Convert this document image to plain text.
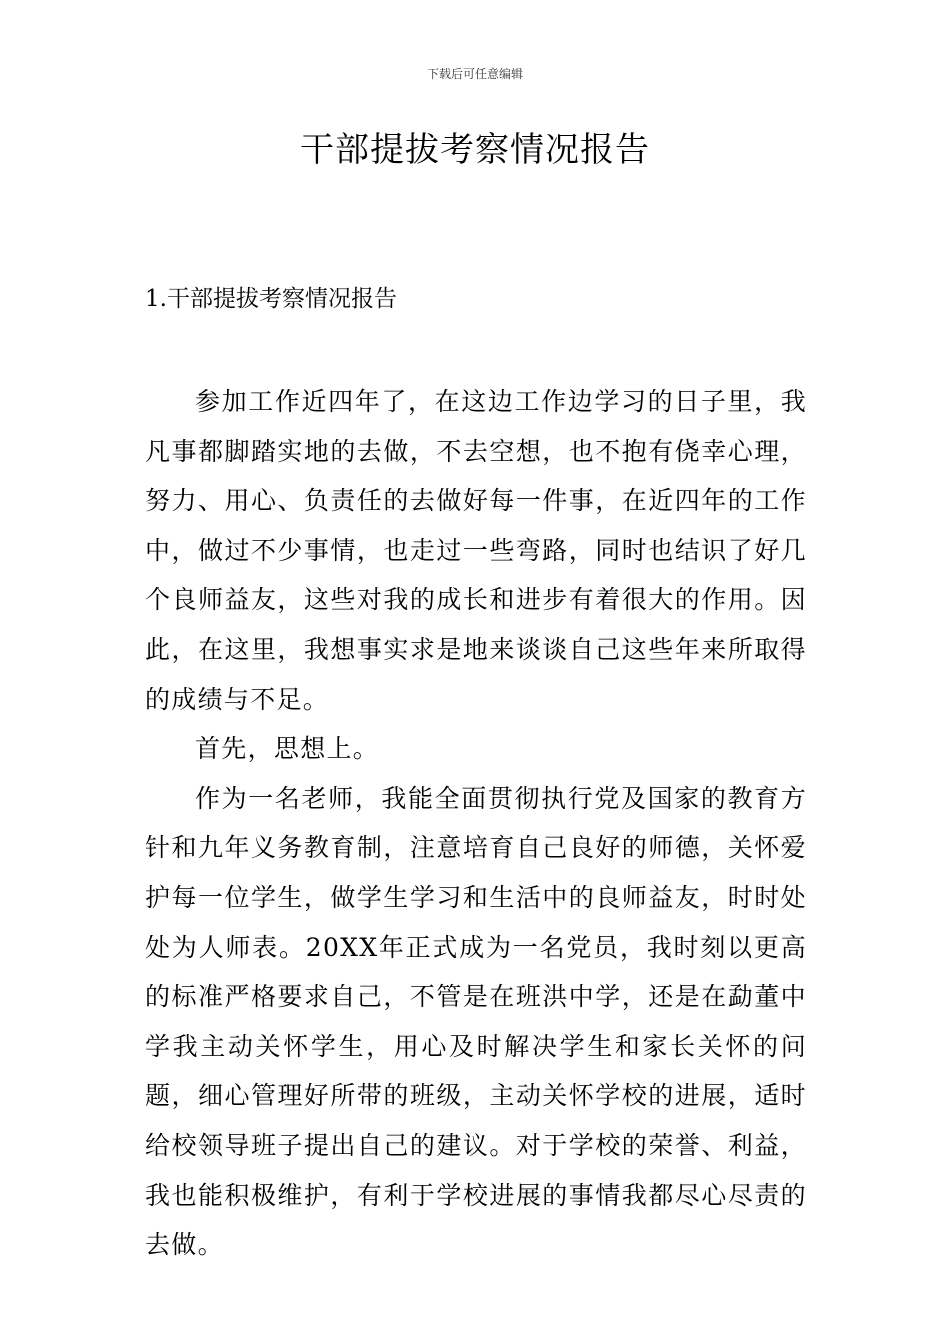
下载后可任意编辑
干部提拔考察情况报告
1.干部提拔考察情况报告

参加工作近四年了，在这边工作边学习的日子里，我凡事都脚踏实地的去做，不去空想，也不抱有侥幸心理，努力、用心、负责任的去做好每一件事，在近四年的工作中，做过不少事情，也走过一些弯路，同时也结识了好几个良师益友，这些对我的成长和进步有着很大的作用。因此，在这里，我想事实求是地来谈谈自己这些年来所取得的成绩与不足。

首先，思想上。

作为一名老师，我能全面贯彻执行党及国家的教育方针和九年义务教育制，注意培育自己良好的师德，关怀爱护每一位学生，做学生学习和生活中的良师益友，时时处处为人师表。20XX年正式成为一名党员，我时刻以更高的标准严格要求自己，不管是在班洪中学，还是在勐董中学我主动关怀学生，用心及时解决学生和家长关怀的问题，细心管理好所带的班级，主动关怀学校的进展，适时给校领导班子提出自己的建议。对于学校的荣誉、利益，我也能积极维护，有利于学校进展的事情我都尽心尽责的去做。
